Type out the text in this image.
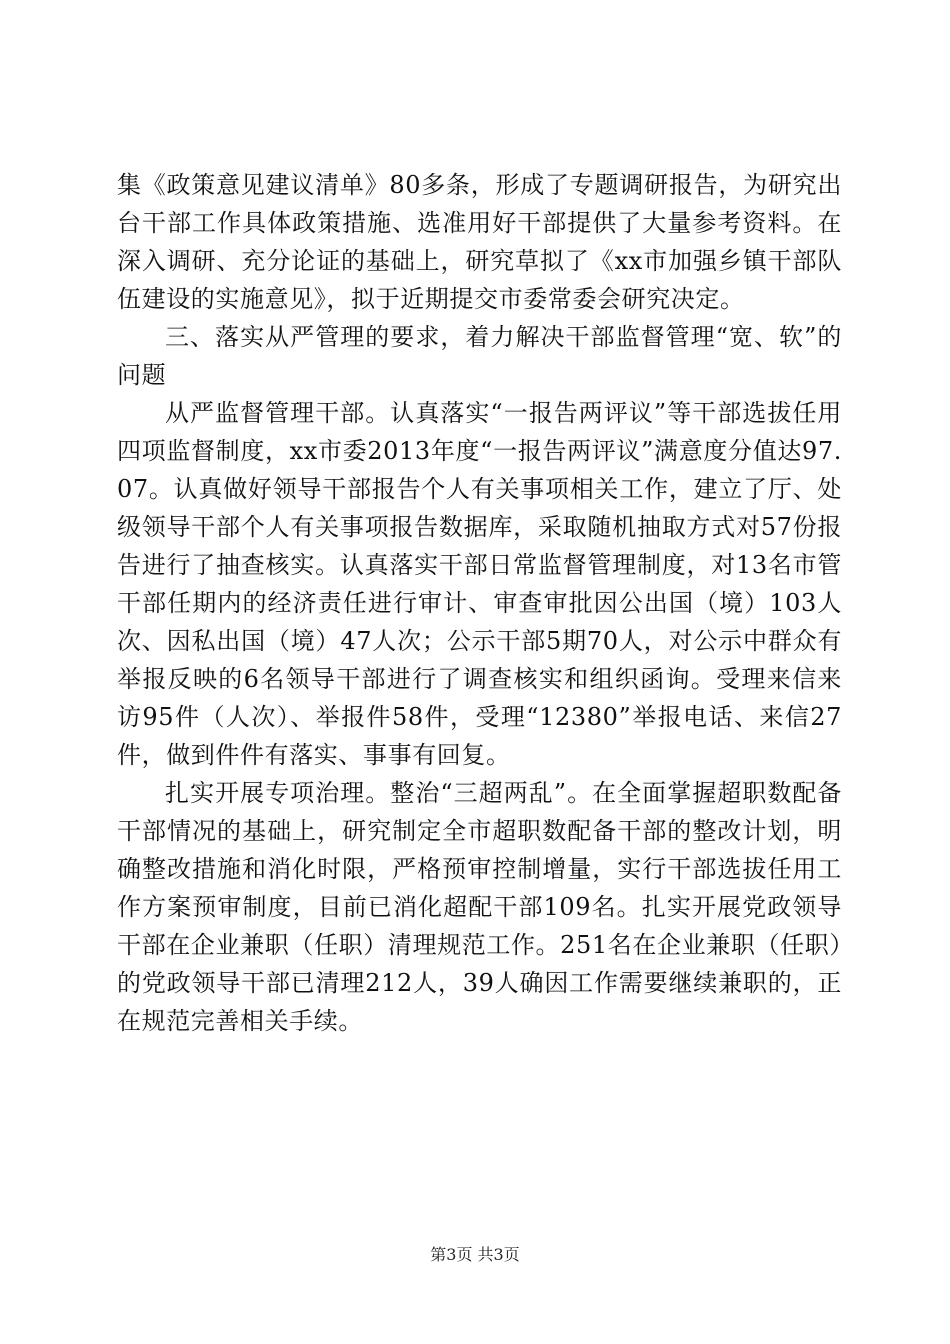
集《政策意见建议清单》80多条，形成了专题调研报告，为研究出台干部工作具体政策措施、选准用好干部提供了大量参考资料。在深入调研、充分论证的基础上，研究草拟了《xx市加强乡镇干部队伍建设的实施意见》，拟于近期提交市委常委会研究决定。

三、落实从严管理的要求，着力解决干部监督管理“宽、软”的问题

从严监督管理干部。认真落实“一报告两评议”等干部选拔任用四项监督制度，xx市委2013年度“一报告两评议”满意度分值达97.07。认真做好领导干部报告个人有关事项相关工作，建立了厅、处级领导干部个人有关事项报告数据库，采取随机抽取方式对57份报告进行了抽查核实。认真落实干部日常监督管理制度，对13名市管干部任期内的经济责任进行审计、审查审批因公出国（境）103人次、因私出国（境）47人次；公示干部5期70人，对公示中群众有举报反映的6名领导干部进行了调查核实和组织函询。受理来信来访95件（人次）、举报件58件，受理“12380”举报电话、来信27件，做到件件有落实、事事有回复。

扎实开展专项治理。整治“三超两乱”。在全面掌握超职数配备干部情况的基础上，研究制定全市超职数配备干部的整改计划，明确整改措施和消化时限，严格预审控制增量，实行干部选拔任用工作方案预审制度，目前已消化超配干部109名。扎实开展党政领导干部在企业兼职（任职）清理规范工作。251名在企业兼职（任职）的党政领导干部已清理212人，39人确因工作需要继续兼职的，正在规范完善相关手续。

第3页 共3页
